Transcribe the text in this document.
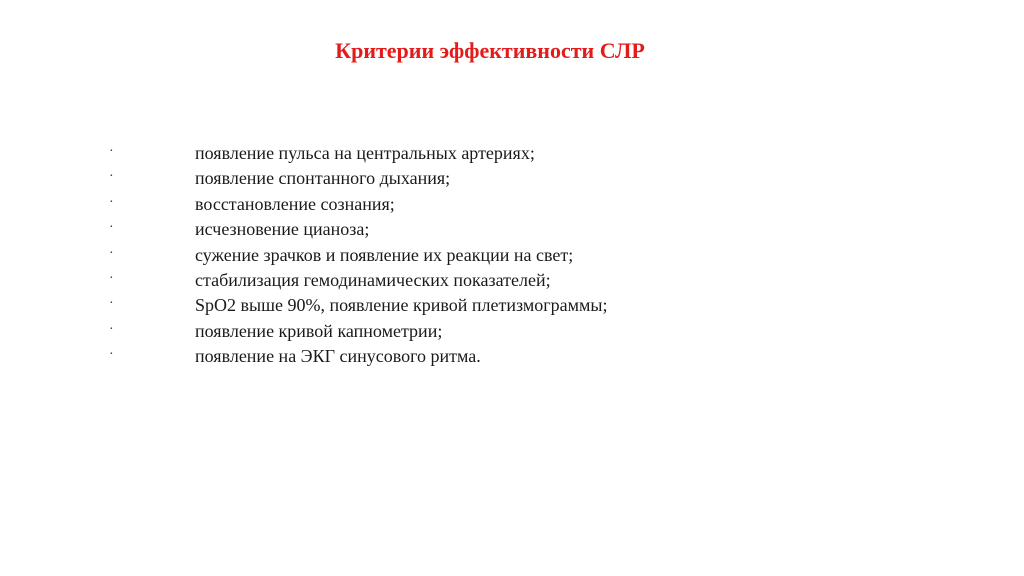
Критерии эффективности СЛР
·	появление пульса на центральных артериях;
·	появление спонтанного дыхания;
·	восстановление сознания;
·	исчезновение цианоза;
·	сужение зрачков и появление их реакции на свет;
·	стабилизация гемодинамических показателей;
·	SpO2 выше 90%, появление кривой плетизмограммы;
·	появление кривой капнометрии;
·	появление на ЭКГ синусового ритма.
